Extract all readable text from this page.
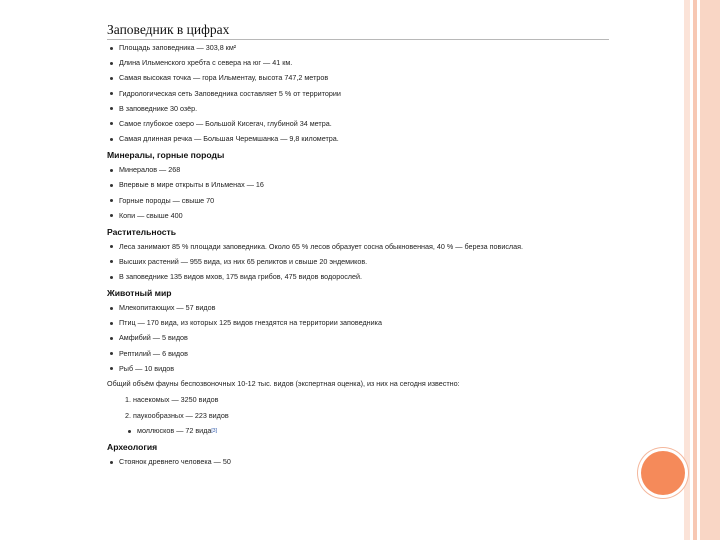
Заповедник в цифрах
Площадь заповедника — 303,8 км²
Длина Ильменского хребта с севера на юг — 41 км.
Самая высокая точка — гора Ильментау, высота 747,2 метров
Гидрологическая сеть Заповедника составляет 5 % от территории
В заповеднике 30 озёр.
Самое глубокое озеро — Большой Кисегач, глубиной 34 метра.
Самая длинная речка — Большая Черемшанка — 9,8 километра.
Минералы, горные породы
Минералов — 268
Впервые в мире открыты в Ильменах — 16
Горные породы — свыше 70
Копи — свыше 400
Растительность
Леса занимают 85 % площади заповедника. Около 65 % лесов образует сосна обыкновенная, 40 % — береза повислая.
Высших растений — 955 вида, из них 65 реликтов и свыше 20 эндемиков.
В заповеднике 135 видов мхов, 175 вида грибов, 475 видов водорослей.
Животный мир
Млекопитающих — 57 видов
Птиц — 170 вида, из которых 125 видов гнездятся на территории заповедника
Амфибий — 5 видов
Рептилий — 6 видов
Рыб — 10 видов
Общий объём фауны беспозвоночных 10-12 тыс. видов (экспертная оценка), из них на сегодня известно:
1. насекомых — 3250 видов
2. паукообразных — 223 видов
моллюсков — 72 вида[3]
Археология
Стоянок древнего человека — 50
